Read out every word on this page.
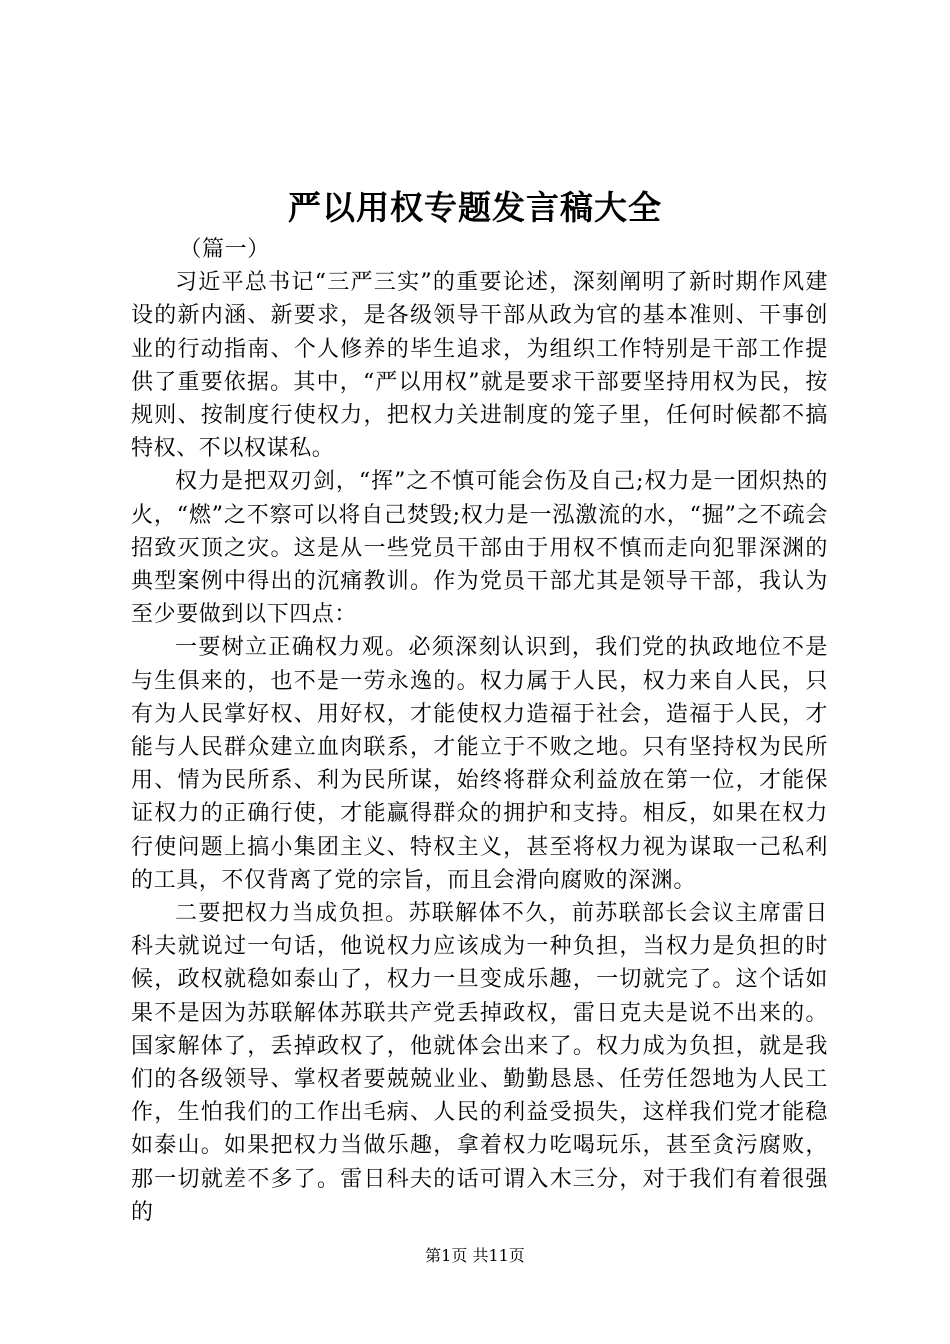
严以用权专题发言稿大全

（篇一）

习近平总书记“三严三实”的重要论述，深刻阐明了新时期作风建设的新内涵、新要求，是各级领导干部从政为官的基本准则、干事创业的行动指南、个人修养的毕生追求，为组织工作特别是干部工作提供了重要依据。其中，“严以用权”就是要求干部要坚持用权为民，按规则、按制度行使权力，把权力关进制度的笼子里，任何时候都不搞特权、不以权谋私。

权力是把双刃剑，“挥”之不慎可能会伤及自己;权力是一团炽热的火，“燃”之不察可以将自己焚毁;权力是一泓激流的水，“掘”之不疏会招致灭顶之灾。这是从一些党员干部由于用权不慎而走向犯罪深渊的典型案例中得出的沉痛教训。作为党员干部尤其是领导干部，我认为至少要做到以下四点：

一要树立正确权力观。必须深刻认识到，我们党的执政地位不是与生俱来的，也不是一劳永逸的。权力属于人民，权力来自人民，只有为人民掌好权、用好权，才能使权力造福于社会，造福于人民，才能与人民群众建立血肉联系，才能立于不败之地。只有坚持权为民所用、情为民所系、利为民所谋，始终将群众利益放在第一位，才能保证权力的正确行使，才能赢得群众的拥护和支持。相反，如果在权力行使问题上搞小集团主义、特权主义，甚至将权力视为谋取一己私利的工具，不仅背离了党的宗旨，而且会滑向腐败的深渊。

二要把权力当成负担。苏联解体不久，前苏联部长会议主席雷日科夫就说过一句话，他说权力应该成为一种负担，当权力是负担的时候，政权就稳如泰山了，权力一旦变成乐趣，一切就完了。这个话如果不是因为苏联解体苏联共产党丢掉政权，雷日克夫是说不出来的。国家解体了，丢掉政权了，他就体会出来了。权力成为负担，就是我们的各级领导、掌权者要兢兢业业、勤勤恳恳、任劳任怨地为人民工作，生怕我们的工作出毛病、人民的利益受损失，这样我们党才能稳如泰山。如果把权力当做乐趣，拿着权力吃喝玩乐，甚至贪污腐败，那一切就差不多了。雷日科夫的话可谓入木三分，对于我们有着很强的

第1页 共11页
